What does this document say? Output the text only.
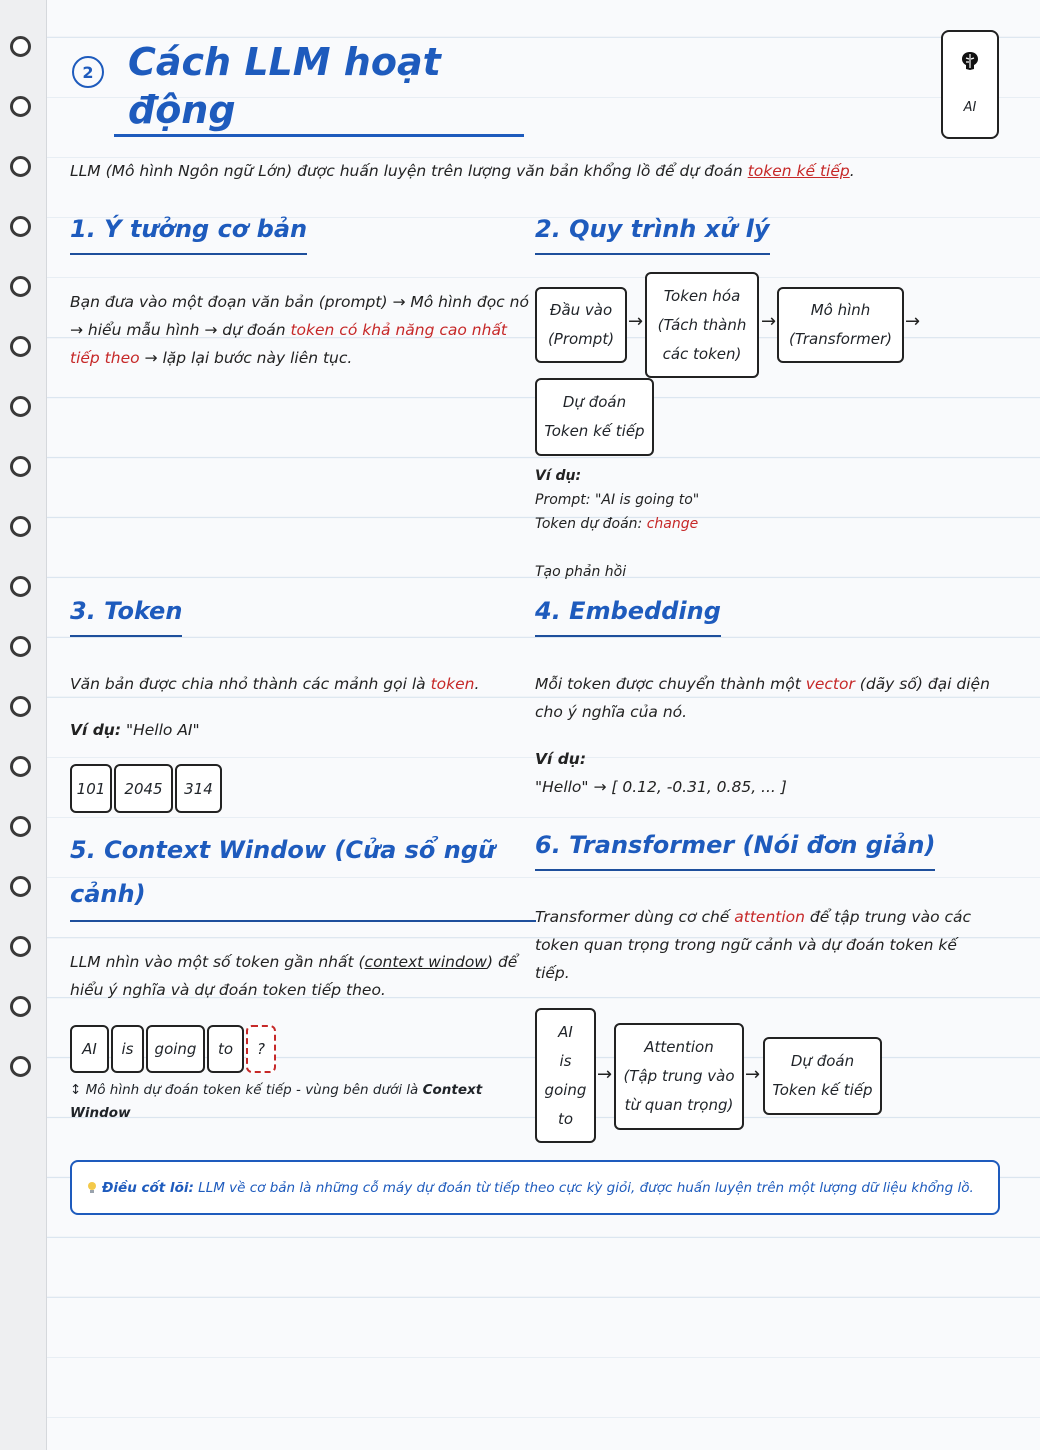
2 Cách LLM hoạt động	AI
LLM (Mô hình Ngôn ngữ Lớn) được huấn luyện trên lượng văn bản khổng lồ để dự đoán token kế tiếp.
1. Ý tưởng cơ bản
Bạn đưa vào một đoạn văn bản (prompt) → Mô hình đọc nó → hiểu mẫu hình → dự đoán token có khả năng cao nhất tiếp theo → lặp lại bước này liên tục.
2. Quy trình xử lý
Đầu vào
(Prompt)
→
Token hóa
(Tách thành
các token)
→
Mô hình
(Transformer)
→
Dự đoán
Token kế tiếp
Ví dụ:
Prompt: "AI is going to"
Token dự đoán: change
Tạo phản hồi
3. Token
Văn bản được chia nhỏ thành các mảnh gọi là token.
Ví dụ: "Hello AI"
101	2045	314
4. Embedding
Mỗi token được chuyển thành một vector (dãy số) đại diện cho ý nghĩa của nó.
Ví dụ:
"Hello" → [ 0.12, -0.31, 0.85, ... ]
5. Context Window (Cửa sổ ngữ
cảnh)
LLM nhìn vào một số token gần nhất (context window) để hiểu ý nghĩa và dự đoán token tiếp theo.
AI	is	going	to	?
↕ Mô hình dự đoán token kế tiếp - vùng bên dưới là Context Window
6. Transformer (Nói đơn giản)
Transformer dùng cơ chế attention để tập trung vào các token quan trọng trong ngữ cảnh và dự đoán token kế tiếp.
AI
is
going
to
→
Attention
(Tập trung vào
từ quan trọng)
→
Dự đoán
Token kế tiếp
Điều cốt lõi: LLM về cơ bản là những cỗ máy dự đoán từ tiếp theo cực kỳ giỏi, được huấn luyện trên một lượng dữ liệu khổng lồ.
